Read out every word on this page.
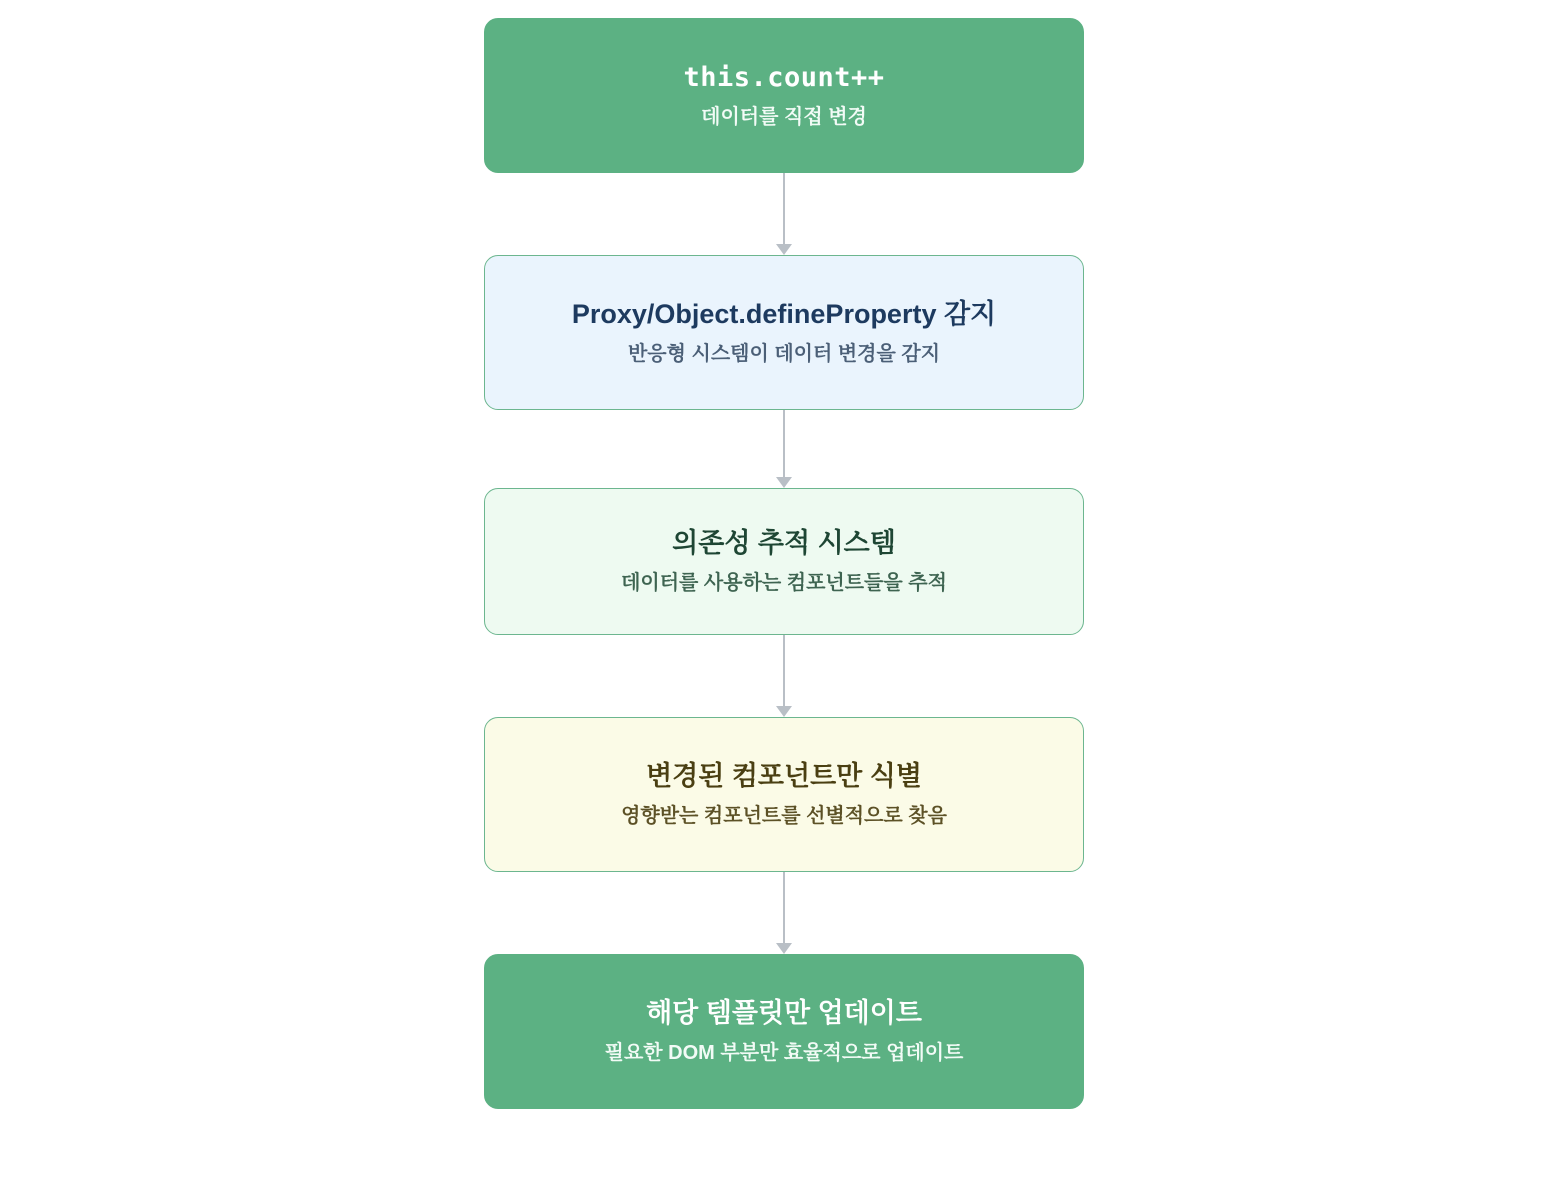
this.count++
데이터를 직접 변경
Proxy/Object.defineProperty 감지
반응형 시스템이 데이터 변경을 감지
의존성 추적 시스템
데이터를 사용하는 컴포넌트들을 추적
변경된 컴포넌트만 식별
영향받는 컴포넌트를 선별적으로 찾음
해당 템플릿만 업데이트
필요한 DOM 부분만 효율적으로 업데이트
